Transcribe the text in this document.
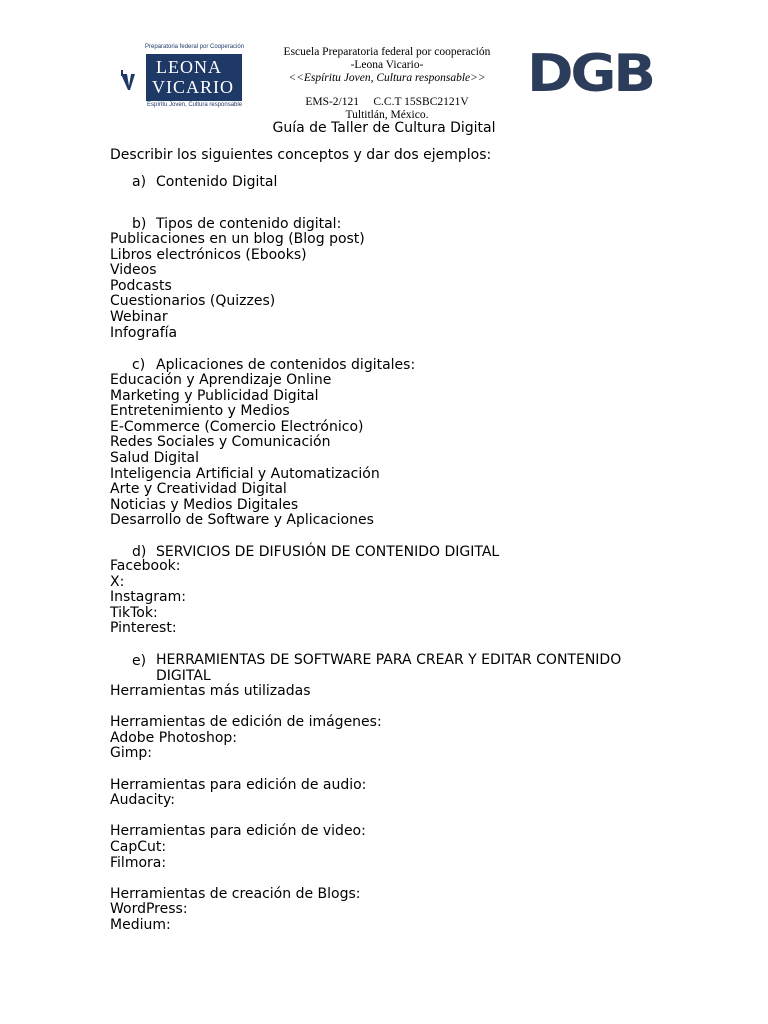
Preparatoria federal por Cooperación
LEONA
VICARIO
Espíritu Joven, Cultura responsable
Escuela Preparatoria federal por cooperación
-Leona Vicario-
<<Espíritu Joven, Cultura responsable>>
EMS-2/121     C.C.T 15SBC2121V
Tultitlán, México.
DGB
Guía de Taller de Cultura Digital
Describir los siguientes conceptos y dar dos ejemplos:
a) Contenido Digital
b) Tipos de contenido digital:
Publicaciones en un blog (Blog post)
Libros electrónicos (Ebooks)
Videos
Podcasts
Cuestionarios (Quizzes)
Webinar
Infografía
c) Aplicaciones de contenidos digitales:
Educación y Aprendizaje Online
Marketing y Publicidad Digital
Entretenimiento y Medios
E-Commerce (Comercio Electrónico)
Redes Sociales y Comunicación
Salud Digital
Inteligencia Artificial y Automatización
Arte y Creatividad Digital
Noticias y Medios Digitales
Desarrollo de Software y Aplicaciones
d) SERVICIOS DE DIFUSIÓN DE CONTENIDO DIGITAL
Facebook:
X:
Instagram:
TikTok:
Pinterest:
e) HERRAMIENTAS DE SOFTWARE PARA CREAR Y EDITAR CONTENIDO DIGITAL
Herramientas más utilizadas
Herramientas de edición de imágenes:
Adobe Photoshop:
Gimp:
Herramientas para edición de audio:
Audacity:
Herramientas para edición de video:
CapCut:
Filmora:
Herramientas de creación de Blogs:
WordPress:
Medium:
